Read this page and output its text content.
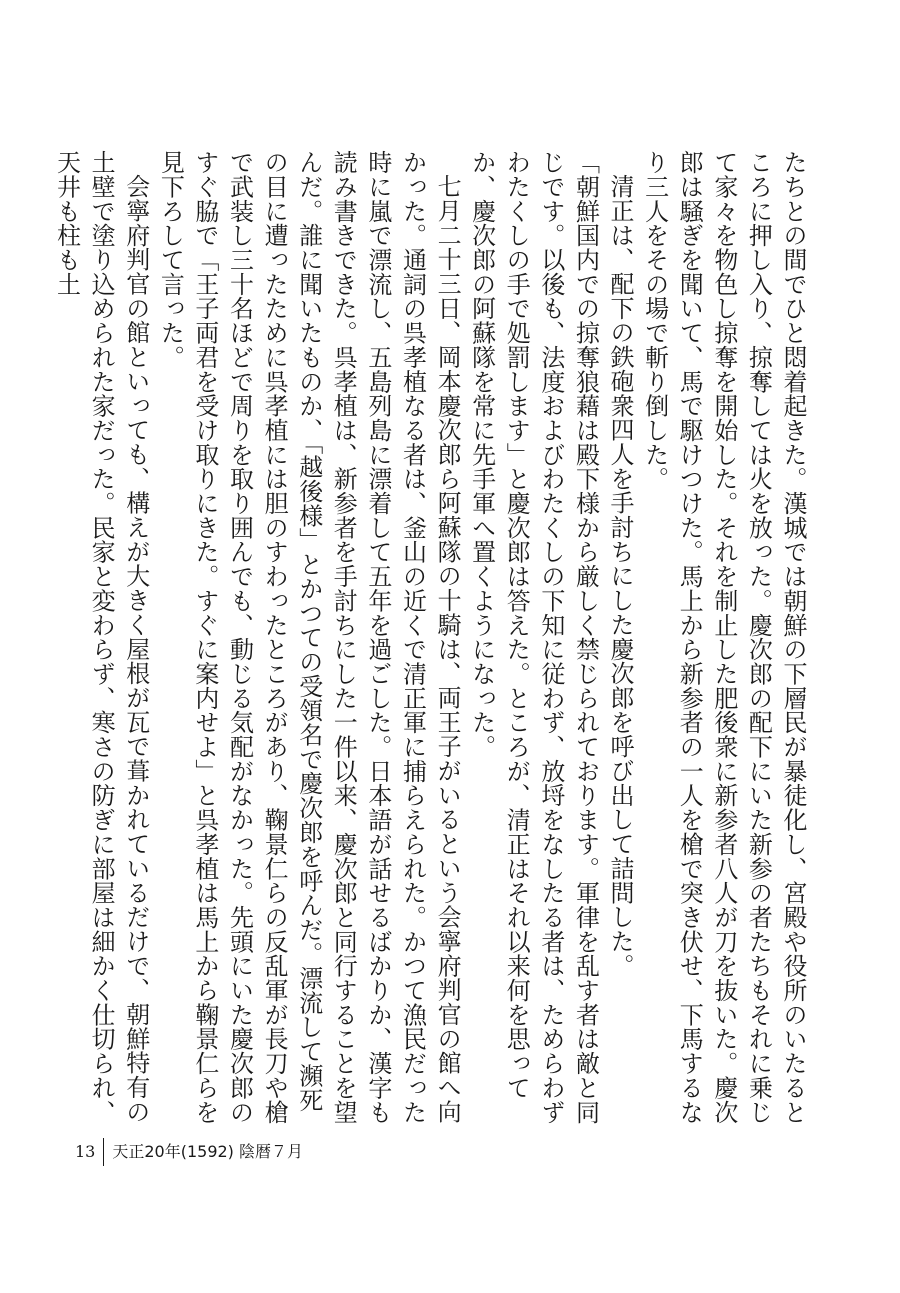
たちとの間でひと悶着起きた。漢城では朝鮮の下層民が暴徒化し、宮殿や役所のいたるところに押し入り、掠奪しては火を放った。慶次郎の配下にいた新参の者たちもそれに乗じて家々を物色し掠奪を開始した。それを制止した肥後衆に新参者八人が刀を抜いた。慶次郎は騒ぎを聞いて、馬で駆けつけた。馬上から新参者の一人を槍で突き伏せ、下馬するなり三人をその場で斬り倒した。

清正は、配下の鉄砲衆四人を手討ちにした慶次郎を呼び出して詰問した。

「朝鮮国内での掠奪狼藉は殿下様から厳しく禁じられております。軍律を乱す者は敵と同じです。以後も、法度およびわたくしの下知に従わず、放埒をなしたる者は、ためらわずわたくしの手で処罰します」と慶次郎は答えた。ところが、清正はそれ以来何を思ってか、慶次郎の阿蘇隊を常に先手軍へ置くようになった。

七月二十三日、岡本慶次郎ら阿蘇隊の十騎は、両王子がいるという会寧府判官の館へ向かった。通詞の呉孝植なる者は、釜山の近くで清正軍に捕らえられた。かつて漁民だった時に嵐で漂流し、五島列島に漂着して五年を過ごした。日本語が話せるばかりか、漢字も読み書きできた。呉孝植は、新参者を手討ちにした一件以来、慶次郎と同行することを望んだ。誰に聞いたものか、「越後様」とかつての受領名で慶次郎を呼んだ。漂流して瀕死の目に遭ったために呉孝植には胆のすわったところがあり、鞠景仁らの反乱軍が長刀や槍で武装し三十名ほどで周りを取り囲んでも、動じる気配がなかった。先頭にいた慶次郎のすぐ脇で「王子両君を受け取りにきた。すぐに案内せよ」と呉孝植は馬上から鞠景仁らを見下ろして言った。

会寧府判官の館といっても、構えが大きく屋根が瓦で葺かれているだけで、朝鮮特有の土壁で塗り込められた家だった。民家と変わらず、寒さの防ぎに部屋は細かく仕切られ、天井も柱も土

13	天正20年(1592) 陰暦７月
